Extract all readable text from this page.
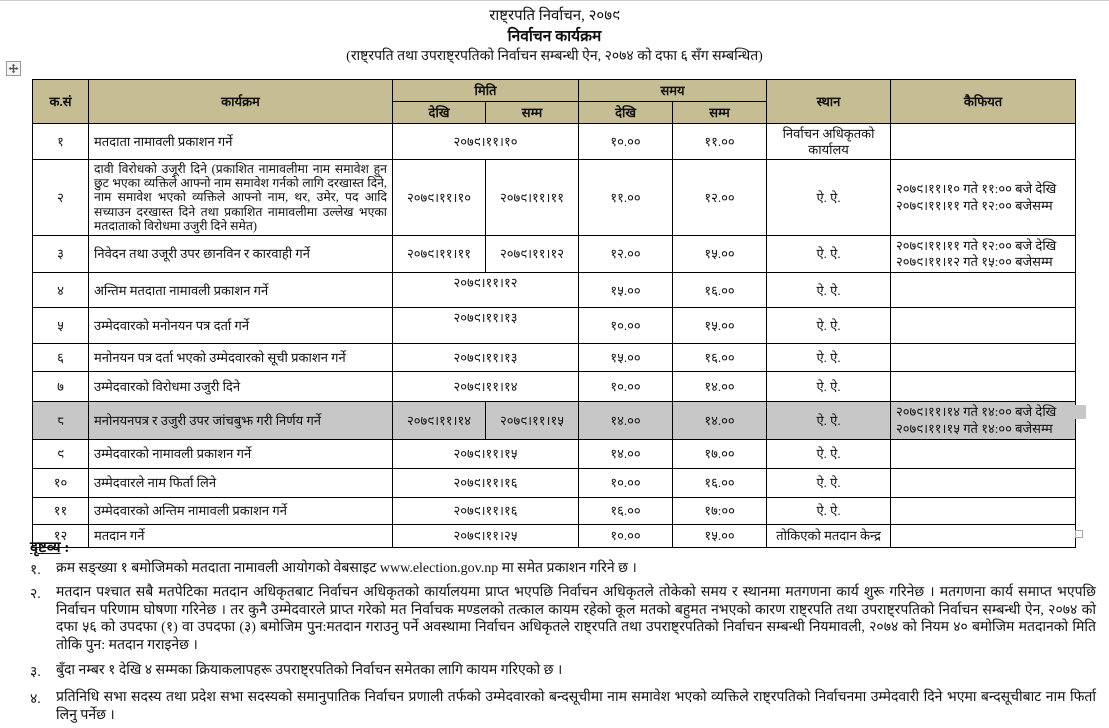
राष्ट्रपति निर्वाचन, २०७९
निर्वाचन कार्यक्रम
(राष्ट्रपति तथा उपराष्ट्रपतिको निर्वाचन सम्बन्धी ऐन, २०७४ को दफा ६ सँग सम्बन्धित)
क.सं	कार्यक्रम	मिति		समय		स्थान	कैफियत
		देखि	सम्म	देखि	सम्म		
१	मतदाता नामावली प्रकाशन गर्ने	२०७९।११।१०		१०.००	११.००	निर्वाचन अधिकृतको कार्यालय	
२	दावी विरोधको उजूरी दिने (प्रकाशित नामावलीमा नाम समावेश हुन छुट भएका व्यक्तिले आफ्नो नाम समावेश गर्नको लागि दरखास्त दिने, नाम समावेश भएको व्यक्तिले आफ्नो नाम, थर, उमेर, पद आदि सच्याउन दरखास्त दिने तथा प्रकाशित नामावलीमा उल्लेख भएका मतदाताको विरोधमा उजुरी दिने समेत)	२०७९।११।१०	२०७९।११।११	११.००	१२.००	ऐ. ऐ.	२०७९।११।१० गते ११:०० बजे देखि २०७९।११।११ गते १२:०० बजेसम्म
३	निवेदन तथा उजूरी उपर छानविन र कारवाही गर्ने	२०७९।११।११	२०७९।११।१२	१२.००	१५.००	ऐ. ऐ.	२०७९।११।११ गते १२:०० बजे देखि २०७९।११।१२ गते १५:०० बजेसम्म
४	अन्तिम मतदाता नामावली प्रकाशन गर्ने	२०७९।११।१२		१५.००	१६.००	ऐ. ऐ.	
५	उम्मेदवारको मनोनयन पत्र दर्ता गर्ने	२०७९।११।१३		१०.००	१५.००	ऐ. ऐ.	
६	मनोनयन पत्र दर्ता भएको उम्मेदवारको सूची प्रकाशन गर्ने	२०७९।११।१३		१५.००	१६.००	ऐ. ऐ.	
७	उम्मेदवारको विरोधमा उजुरी दिने	२०७९।११।१४		१०.००	१४.००	ऐ. ऐ.	
८	मनोनयनपत्र र उजुरी उपर जांचबुझ गरी निर्णय गर्ने	२०७९।११।१४	२०७९।११।१५	१४.००	१४.००	ऐ. ऐ.	२०७९।११।१४ गते १४:०० बजे देखि २०७९।११।१५ गते १४:०० बजेसम्म
९	उम्मेदवारको नामावली प्रकाशन गर्ने	२०७९।११।१५		१४.००	१७.००	ऐ. ऐ.	
१०	उम्मेदवारले नाम फिर्ता लिने	२०७९।११।१६		१०.००	१६.००	ऐ. ऐ.	
११	उम्मेदवारको अन्तिम नामावली प्रकाशन गर्ने	२०७९।११।१६		१६.००	१७:००	ऐ. ऐ.	
१२	मतदान गर्ने	२०७९।११।२५		१०.००	१५.००	तोकिएको मतदान केन्द्र	
दृष्टव्य :
१.	क्रम सङ्ख्या १ बमोजिमको मतदाता नामावली आयोगको वेबसाइट www.election.gov.np मा समेत प्रकाशन गरिने छ ।
२.	मतदान पश्चात सबै मतपेटिका मतदान अधिकृतबाट निर्वाचन अधिकृतको कार्यालयमा प्राप्त भएपछि निर्वाचन अधिकृतले तोकेको समय र स्थानमा मतगणना कार्य शुरू गरिनेछ । मतगणना कार्य समाप्त भएपछि निर्वाचन परिणाम घोषणा गरिनेछ । तर कुनै उम्मेदवारले प्राप्त गरेको मत निर्वाचक मण्डलको तत्काल कायम रहेको कूल मतको बहुमत नभएको कारण राष्ट्रपति तथा उपराष्ट्रपतिको निर्वाचन सम्बन्धी ऐन, २०७४ को दफा ५६ को उपदफा (१) वा उपदफा (३) बमोजिम पुन:मतदान गराउनु पर्ने अवस्थामा निर्वाचन अधिकृतले राष्ट्रपति तथा उपराष्ट्रपतिको निर्वाचन सम्बन्धी नियमावली, २०७४ को नियम ४० बमोजिम मतदानको मिति तोकि पुन: मतदान गराइनेछ ।
३.	बुँदा नम्बर १ देखि ४ सम्मका क्रियाकलापहरू उपराष्ट्रपतिको निर्वाचन समेतका लागि कायम गरिएको छ ।
४.	प्रतिनिधि सभा सदस्य तथा प्रदेश सभा सदस्यको समानुपातिक निर्वाचन प्रणाली तर्फको उम्मेदवारको बन्दसूचीमा नाम समावेश भएको व्यक्तिले राष्ट्रपतिको निर्वाचनमा उम्मेदवारी दिने भएमा बन्दसूचीबाट नाम फिर्ता लिनु पर्नेछ ।
